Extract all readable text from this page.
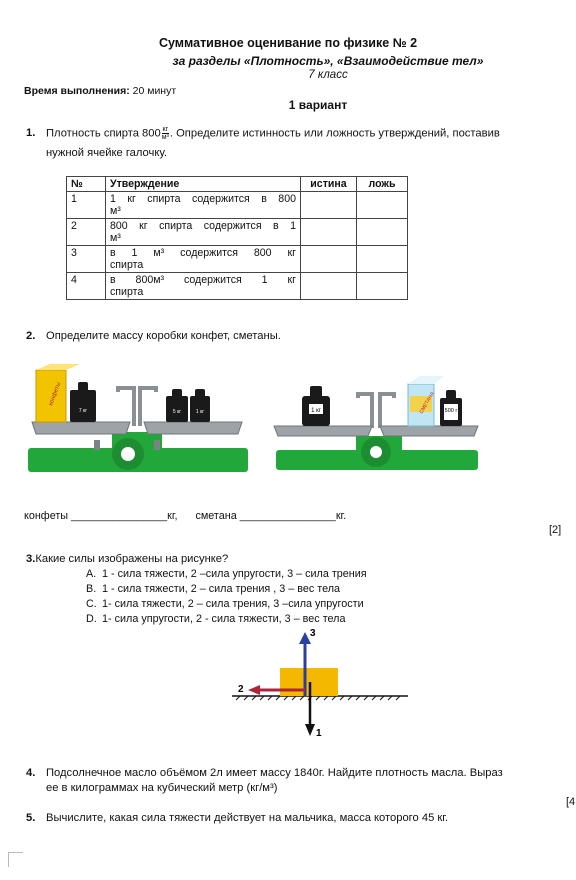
Суммативное оценивание по физике № 2
за разделы «Плотность», «Взаимодействие тел»
7 класс
Время выполнения: 20 минут
1 вариант
1. Плотность спирта $800 \frac{кг}{\text{м³}}$ . Определите истинность или ложность утверждений, поставив
нужной ячейке галочку.
№	Утверждение	истина	ложь
1	1 кг спирта содержится в 800
м³		

2	800 кг спирта содержится в 1
м³		

3	в 1 м³ содержится 800 кг
спирта		

4	в 800м³ содержится 1 кг
спирта		

2. Определите массу коробки конфет, сметаны.
конфеты
7 кг	5 кг	1 кг	1 кг	СМЕТАНА 500 г
конфеты ________________кг, сметана ________________кг.
[2]
3.Какие силы изображены на рисунке?
A. 1 - сила тяжести, 2 –сила упругости, 3 – сила трения
B. 1 - сила тяжести, 2 – сила трения , 3 – вес тела
C. 1- сила тяжести, 2 – сила трения, 3 –сила упругости
D. 1- сила упругости, 2 - сила тяжести, 3 – вес тела
3
2
1
4. Подсолнечное масло объёмом 2л имеет массу 1840г. Найдите плотность масла. Выраз
ее в килограммах на кубический метр (кг/м³)
[4
5. Вычислите, какая сила тяжести действует на мальчика, масса которого 45 кг.
